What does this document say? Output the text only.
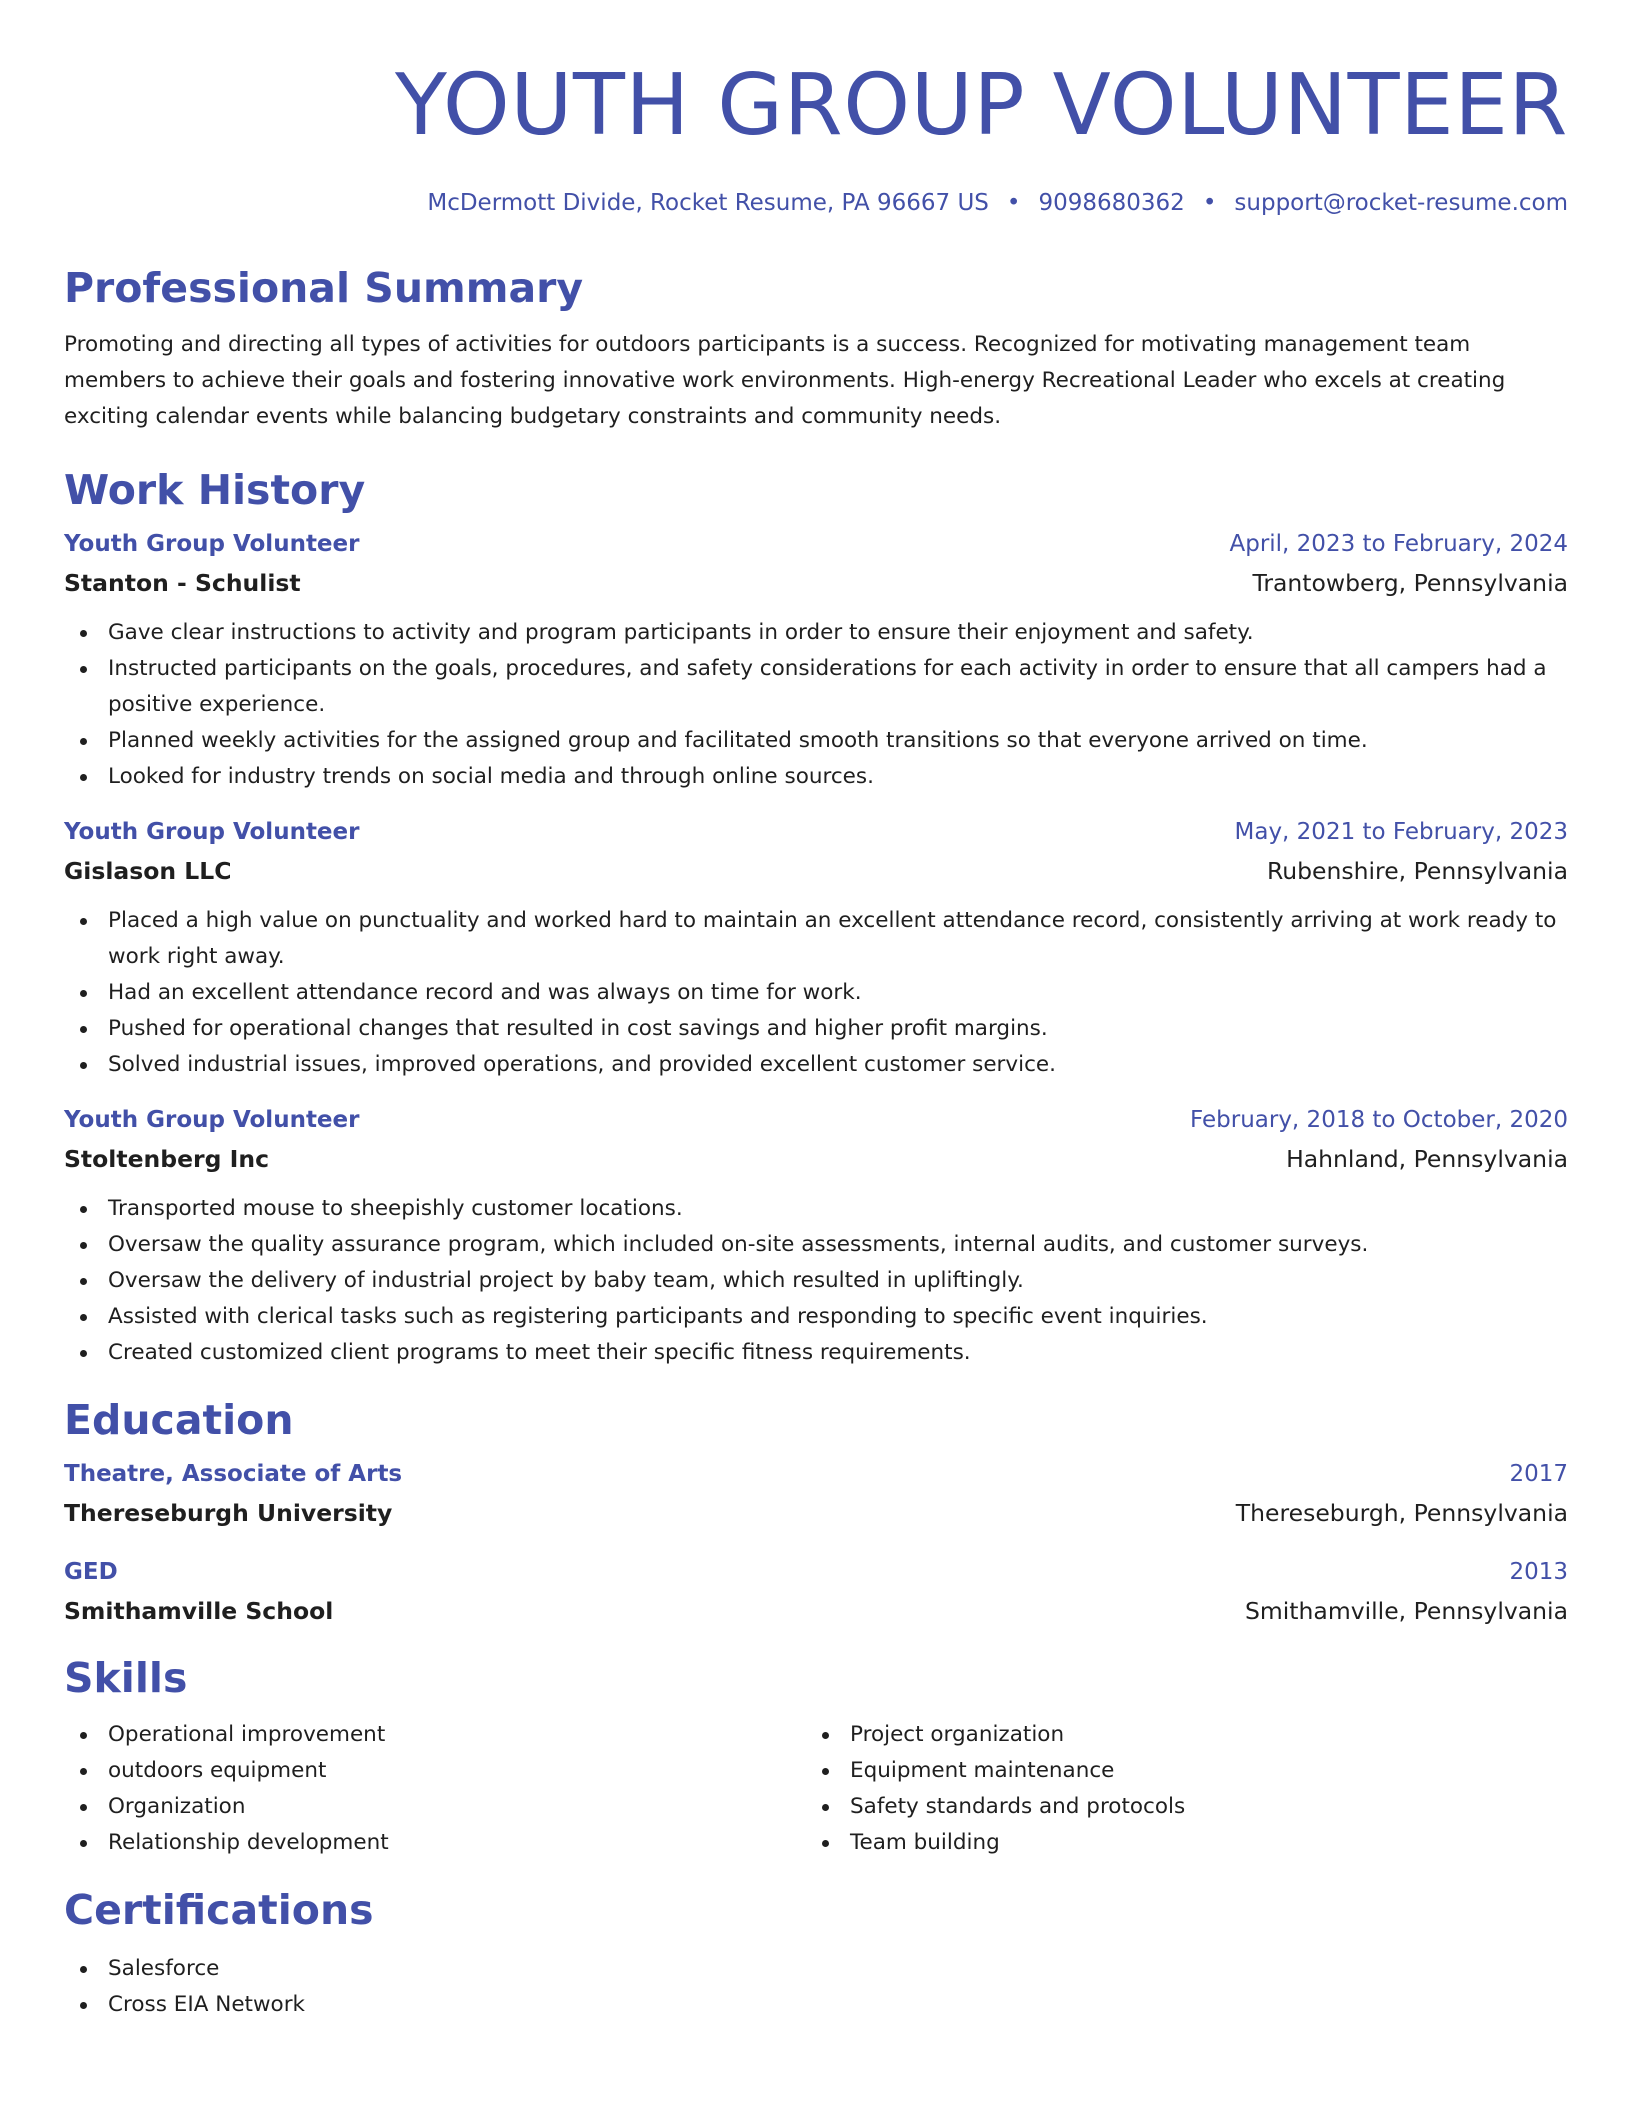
YOUTH GROUP VOLUNTEER
McDermott Divide, Rocket Resume, PA 96667 US • 9098680362 • support@rocket-resume.com
Professional Summary

Promoting and directing all types of activities for outdoors participants is a success. Recognized for motivating management team members to achieve their goals and fostering innovative work environments. High-energy Recreational Leader who excels at creating exciting calendar events while balancing budgetary constraints and community needs.

Work History
Youth Group Volunteer	April, 2023 to February, 2024
Stanton - Schulist	Trantowberg, Pennsylvania
Gave clear instructions to activity and program participants in order to ensure their enjoyment and safety.
Instructed participants on the goals, procedures, and safety considerations for each activity in order to ensure that all campers had a positive experience.
Planned weekly activities for the assigned group and facilitated smooth transitions so that everyone arrived on time.
Looked for industry trends on social media and through online sources.
Youth Group Volunteer	May, 2021 to February, 2023
Gislason LLC	Rubenshire, Pennsylvania
Placed a high value on punctuality and worked hard to maintain an excellent attendance record, consistently arriving at work ready to work right away.
Had an excellent attendance record and was always on time for work.
Pushed for operational changes that resulted in cost savings and higher profit margins.
Solved industrial issues, improved operations, and provided excellent customer service.
Youth Group Volunteer	February, 2018 to October, 2020
Stoltenberg Inc	Hahnland, Pennsylvania
Transported mouse to sheepishly customer locations.
Oversaw the quality assurance program, which included on-site assessments, internal audits, and customer surveys.
Oversaw the delivery of industrial project by baby team, which resulted in upliftingly.
Assisted with clerical tasks such as registering participants and responding to specific event inquiries.
Created customized client programs to meet their specific fitness requirements.
Education
Theatre, Associate of Arts	2017
Thereseburgh University	Thereseburgh, Pennsylvania
GED	2013
Smithamville School	Smithamville, Pennsylvania
Skills
Operational improvement
outdoors equipment
Organization
Relationship development
Project organization
Equipment maintenance
Safety standards and protocols
Team building
Certifications
Salesforce
Cross EIA Network
